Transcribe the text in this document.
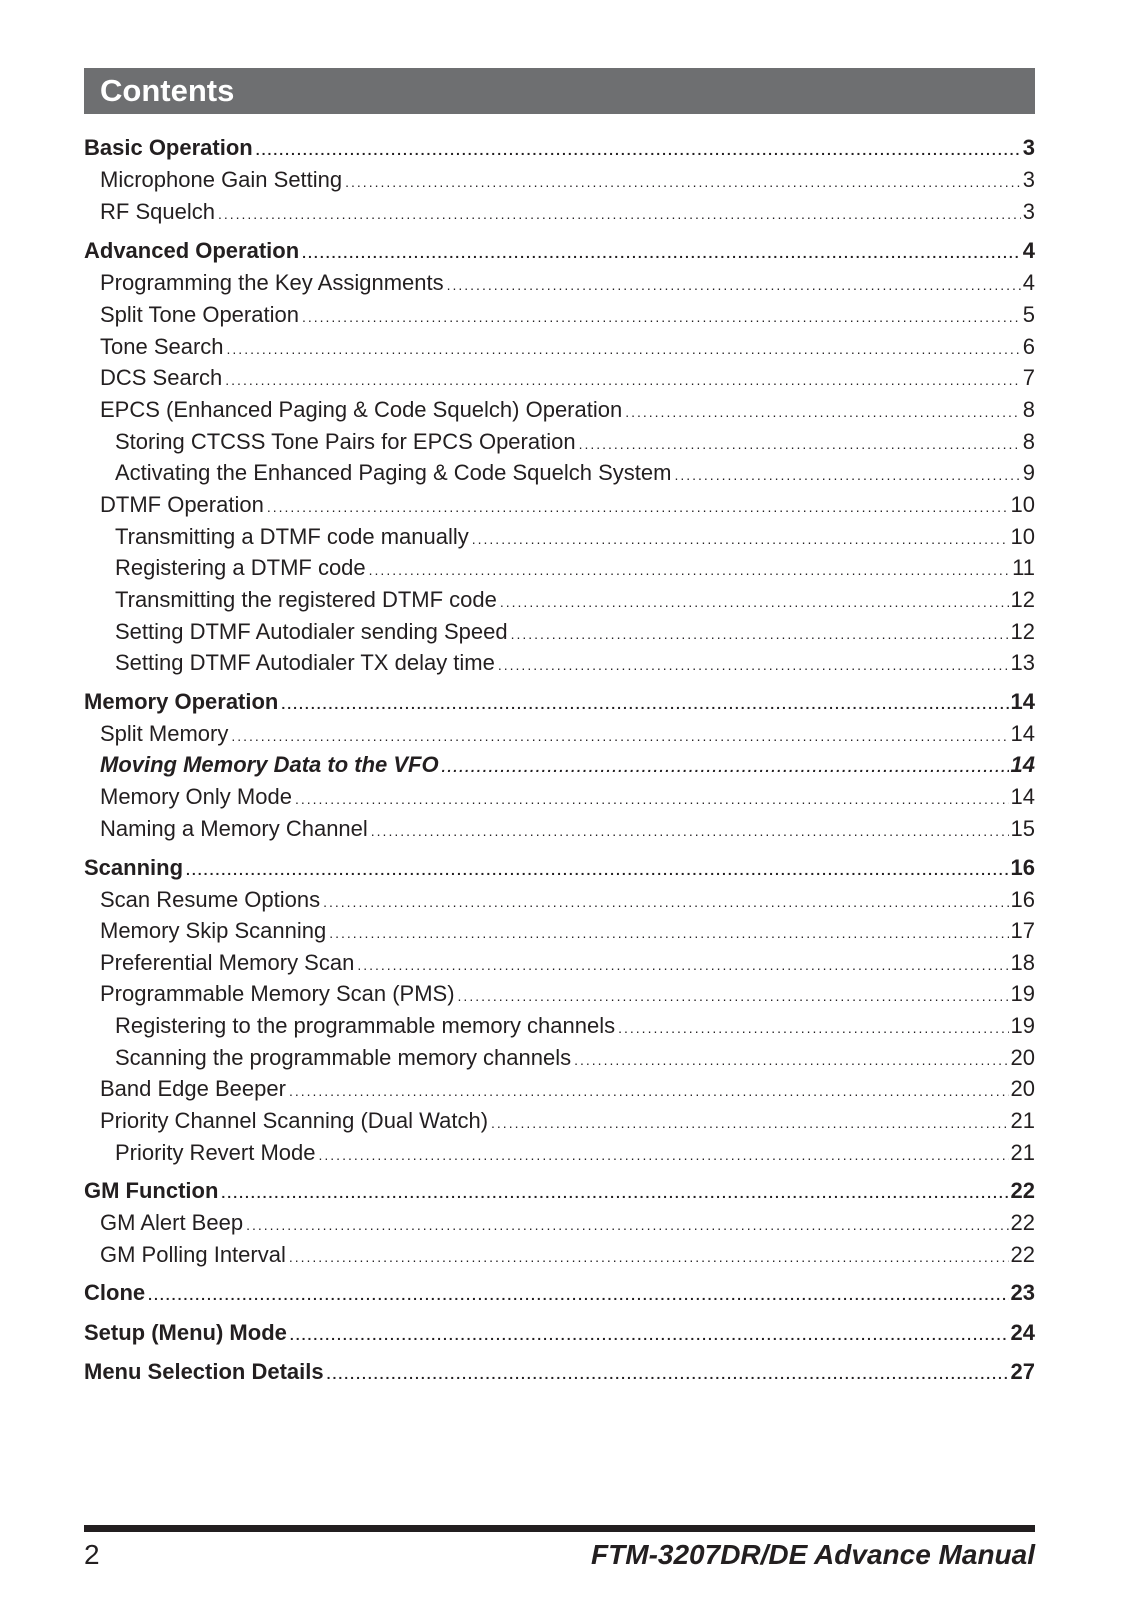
Contents
Basic Operation .....	3
Microphone Gain Setting .....	3
RF Squelch .....	3
Advanced Operation .....	4
Programming the Key Assignments .....	4
Split Tone Operation .....	5
Tone Search .....	6
DCS Search .....	7
EPCS (Enhanced Paging & Code Squelch) Operation .....	8
Storing CTCSS Tone Pairs for EPCS Operation .....	8
Activating the Enhanced Paging & Code Squelch System .....	9
DTMF Operation .....	10
Transmitting a DTMF code manually .....	10
Registering a DTMF code .....	11
Transmitting the registered DTMF code .....	12
Setting DTMF Autodialer sending Speed .....	12
Setting DTMF Autodialer TX delay time .....	13
Memory Operation .....	14
Split Memory .....	14
Moving Memory Data to the VFO .....	14
Memory Only Mode .....	14
Naming a Memory Channel .....	15
Scanning .....	16
Scan Resume Options .....	16
Memory Skip Scanning .....	17
Preferential Memory Scan .....	18
Programmable Memory Scan (PMS) .....	19
Registering to the programmable memory channels .....	19
Scanning the programmable memory channels .....	20
Band Edge Beeper .....	20
Priority Channel Scanning (Dual Watch) .....	21
Priority Revert Mode .....	21
GM Function .....	22
GM Alert Beep .....	22
GM Polling Interval .....	22
Clone .....	23
Setup (Menu) Mode .....	24
Menu Selection Details .....	27
2	FTM-3207DR/DE Advance Manual
